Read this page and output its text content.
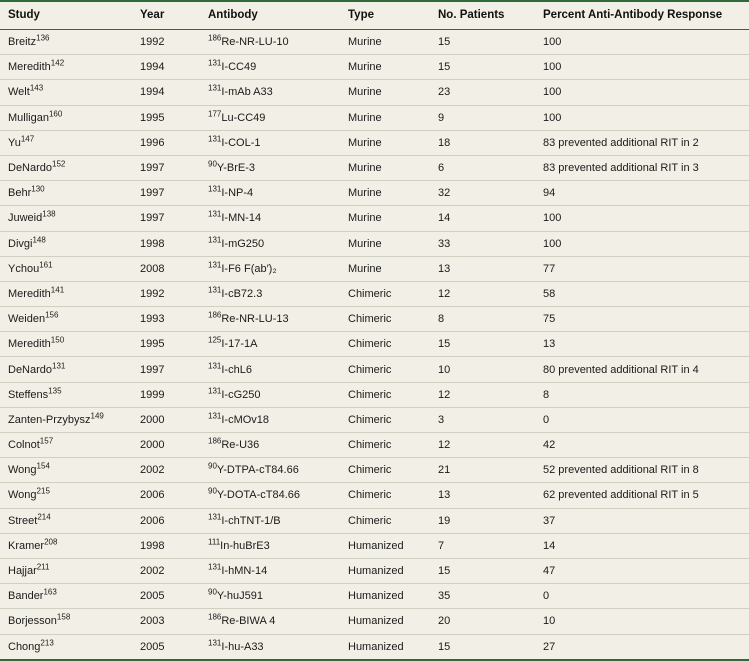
Study	Year	Antibody	Type	No. Patients	Percent Anti-Antibody Response
Breitz$^{136}$	1992	$^{186}$Re-NR-LU-10	Murine	15	100
Meredith$^{142}$	1994	$^{131}$I-CC49	Murine	15	100
Welt$^{143}$	1994	$^{131}$I-mAb A33	Murine	23	100
Mulligan$^{160}$	1995	$^{177}$Lu-CC49	Murine	9	100
Yu$^{147}$	1996	$^{131}$I-COL-1	Murine	18	83 prevented additional RIT in 2
DeNardo$^{152}$	1997	$^{90}$Y-BrE-3	Murine	6	83 prevented additional RIT in 3
Behr$^{130}$	1997	$^{131}$I-NP-4	Murine	32	94
Juweid$^{138}$	1997	$^{131}$I-MN-14	Murine	14	100
Divgi$^{148}$	1998	$^{131}$I-mG250	Murine	33	100
Ychou$^{161}$	2008	$^{131}$I-F6 F(ab′)₂	Murine	13	77
Meredith$^{141}$	1992	$^{131}$I-cB72.3	Chimeric	12	58
Weiden$^{156}$	1993	$^{186}$Re-NR-LU-13	Chimeric	8	75
Meredith$^{150}$	1995	$^{125}$I-17-1A	Chimeric	15	13
DeNardo$^{131}$	1997	$^{131}$I-chL6	Chimeric	10	80 prevented additional RIT in 4
Steffens$^{135}$	1999	$^{131}$I-cG250	Chimeric	12	8
Zanten-Przybysz$^{149}$	2000	$^{131}$I-cMOv18	Chimeric	3	0
Colnot$^{157}$	2000	$^{186}$Re-U36	Chimeric	12	42
Wong$^{154}$	2002	$^{90}$Y-DTPA-cT84.66	Chimeric	21	52 prevented additional RIT in 8
Wong$^{215}$	2006	$^{90}$Y-DOTA-cT84.66	Chimeric	13	62 prevented additional RIT in 5
Street$^{214}$	2006	$^{131}$I-chTNT-1/B	Chimeric	19	37
Kramer$^{208}$	1998	$^{111}$In-huBrE3	Humanized	7	14
Hajjar$^{211}$	2002	$^{131}$I-hMN-14	Humanized	15	47
Bander$^{163}$	2005	$^{90}$Y-huJ591	Humanized	35	0
Borjesson$^{158}$	2003	$^{186}$Re-BIWA 4	Humanized	20	10
Chong$^{213}$	2005	$^{131}$I-hu-A33	Humanized	15	27
